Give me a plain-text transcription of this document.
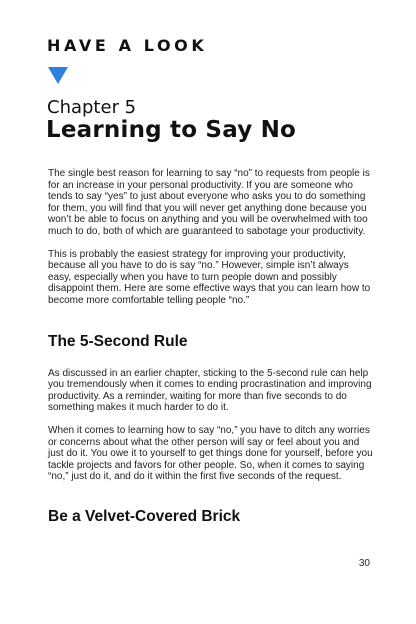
HAVE A LOOK
Chapter 5
Learning to Say No

The single best reason for learning to say “no” to requests from people is for an increase in your personal productivity. If you are someone who tends to say “yes” to just about everyone who asks you to do something for them, you will find that you will never get anything done because you won’t be able to focus on anything and you will be overwhelmed with too much to do, both of which are guaranteed to sabotage your productivity.

This is probably the easiest strategy for improving your productivity, because all you have to do is say “no.” However, simple isn’t always easy, especially when you have to turn people down and possibly disappoint them. Here are some effective ways that you can learn how to become more comfortable telling people “no.”

The 5-Second Rule

As discussed in an earlier chapter, sticking to the 5-second rule can help you tremendously when it comes to ending procrastination and improving productivity. As a reminder, waiting for more than five seconds to do something makes it much harder to do it.

When it comes to learning how to say “no,” you have to ditch any worries or concerns about what the other person will say or feel about you and just do it. You owe it to yourself to get things done for yourself, before you tackle projects and favors for other people. So, when it comes to saying “no,” just do it, and do it within the first five seconds of the request.

Be a Velvet-Covered Brick
30
